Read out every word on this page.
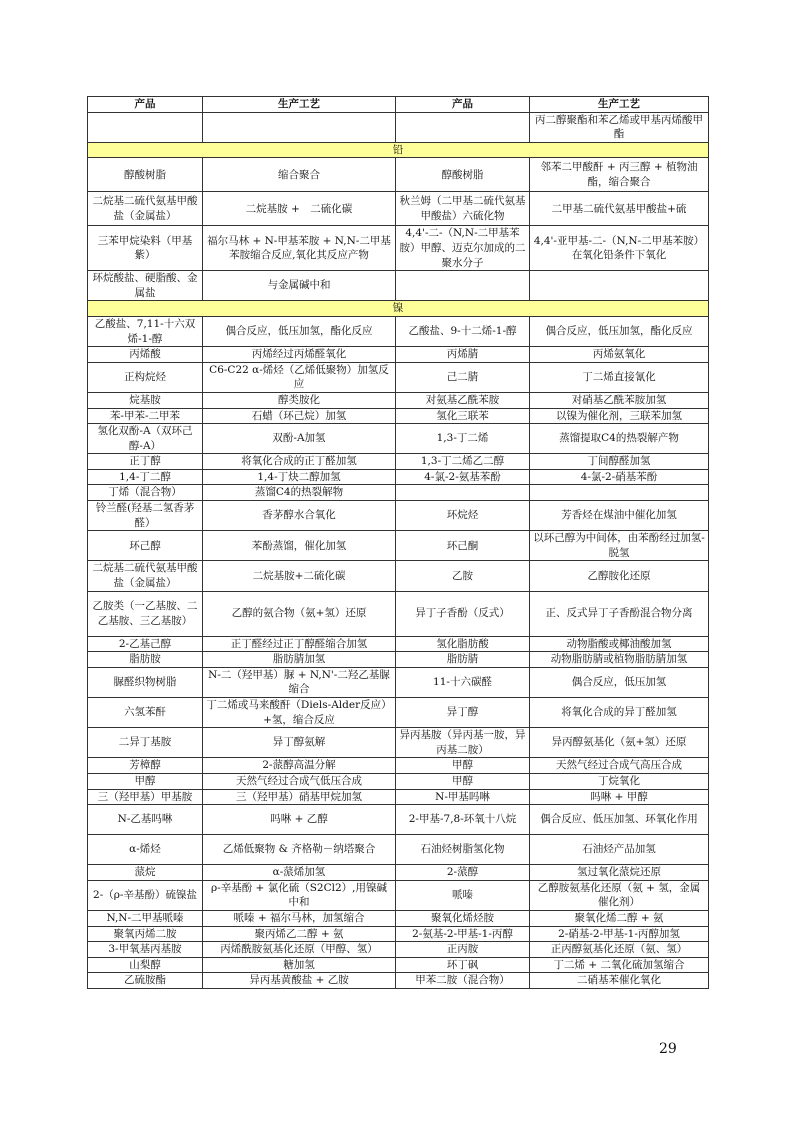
产品	生产工艺	产品	生产工艺
			丙二醇聚酯和苯乙烯或甲基丙烯酸甲酯
铅			
醇酸树脂	缩合聚合	醇酸树脂	邻苯二甲酸酐 + 丙三醇 + 植物油酯，缩合聚合
二烷基二硫代氨基甲酸盐（金属盐）	二烷基胺 +　二硫化碳	秋兰姆（二甲基二硫代氨基甲酸盐）六硫化物	二甲基二硫代氨基甲酸盐+硫
三苯甲烷染料（甲基紫）	福尔马林 + N-甲基苯胺 + N,N-二甲基苯胺缩合反应,氧化其反应产物	4,4'-二-（N,N-二甲基苯胺）甲醇、迈克尔加成的二聚水分子	4,4'-亚甲基-二-（N,N-二甲基苯胺）在氧化铅条件下氧化
环烷酸盐、硬脂酸、金属盐	与金属碱中和		
镍			
乙酸盐、7,11-十六双烯-1-醇	偶合反应，低压加氢，酯化反应	乙酸盐、9-十二烯-1-醇	偶合反应，低压加氢，酯化反应
丙烯酸	丙烯经过丙烯醛氧化	丙烯腈	丙烯氨氧化
正构烷烃	C6-C22 α-烯烃（乙烯低聚物）加氢反应	己二腈	丁二烯直接氰化
烷基胺	醇类胺化	对氨基乙酰苯胺	对硝基乙酰苯胺加氢
苯-甲苯-二甲苯	石蜡（环己烷）加氢	氢化三联苯	以镍为催化剂，三联苯加氢
氢化双酚-A（双环己醇-A）	双酚-A加氢	1,3-丁二烯	蒸馏提取C4的热裂解产物
正丁醇	将氧化合成的正丁醛加氢	1,3-丁二烯乙二醇	丁间醇醛加氢
1,4-丁二醇	1,4-丁炔二醇加氢	4-氯-2-氨基苯酚	4-氯-2-硝基苯酚
丁烯（混合物）	蒸馏C4的热裂解物		
铃兰醛(羟基二氢香茅醛）	香茅醇水合氧化	环烷烃	芳香烃在煤油中催化加氢
环己醇	苯酚蒸馏，催化加氢	环己酮	以环己醇为中间体，由苯酚经过加氢-脱氢
二烷基二硫代氨基甲酸盐（金属盐）	二烷基胺+二硫化碳	乙胺	乙醇胺化还原
乙胺类（一乙基胺、二乙基胺、三乙基胺）	乙醇的氨合物（氨+氢）还原	异丁子香酚（反式）	正、反式异丁子香酚混合物分离
2-乙基己醇	正丁醛经过正丁醇醛缩合加氢	氢化脂肪酸	动物脂酸或椰油酸加氢
脂肪胺	脂肪腈加氢	脂肪腈	动物脂肪腈或植物脂肪腈加氢
脲醛织物树脂	N-二（羟甲基）脲 + N,N'-二羟乙基脲缩合	11-十六碳醛	偶合反应，低压加氢
六氢苯酐	丁二烯或马来酸酐（Diels-Alder反应）+氢，缩合反应	异丁醇	将氧化合成的异丁醛加氢
二异丁基胺	异丁醇氨解	异丙基胺（异丙基一胺，异丙基二胺）	异丙醇氨基化（氨+氢）还原
芳樟醇	2-蒎醇高温分解	甲醇	天然气经过合成气高压合成
甲醇	天然气经过合成气低压合成	甲醇	丁烷氧化
三（羟甲基）甲基胺	三（羟甲基）硝基甲烷加氢	N-甲基吗啉	吗啉 + 甲醇
N-乙基吗啉	吗啉 + 乙醇	2-甲基-7,8-环氧十八烷	偶合反应、低压加氢、环氧化作用
α-烯烃	乙烯低聚物 & 齐格勒－纳塔聚合	石油烃树脂氢化物	石油烃产品加氢
蒎烷	α-蒎烯加氢	2-蒎醇	氢过氧化蒎烷还原
2-（ρ-辛基酚）硫镍盐	ρ-辛基酚 + 氯化硫（S2Cl2）,用镍碱中和	哌嗪	乙醇胺氨基化还原（氨 + 氢，金属催化剂）
N,N-二甲基哌嗪	哌嗪 + 福尔马林，加氢缩合	聚氧化烯烃胺	聚氧化烯二醇 + 氨
聚氧丙烯二胺	聚丙烯乙二醇 + 氨	2-氨基-2-甲基-1-丙醇	2-硝基-2-甲基-1-丙醇加氢
3-甲氧基丙基胺	丙烯酰胺氨基化还原（甲醇、氢）	正丙胺	正丙醇氨基化还原（氨、氢）
山梨醇	糖加氢	环丁砜	丁二烯 + 二氧化硫加氢缩合
乙硫胺酯	异丙基黄酸盐 + 乙胺	甲苯二胺（混合物）	二硝基苯催化氧化
29
